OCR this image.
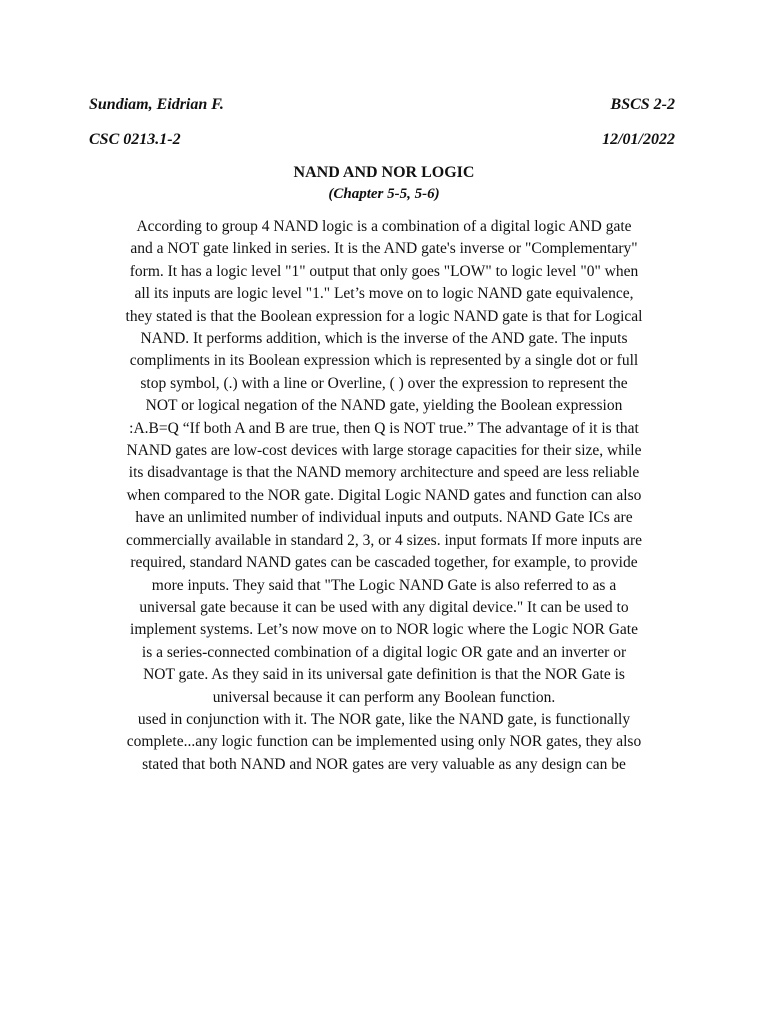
Sundiam, Eidrian F.	BSCS 2-2
CSC 0213.1-2	12/01/2022
NAND AND NOR LOGIC
(Chapter 5-5, 5-6)
According to group 4 NAND logic is a combination of a digital logic AND gate
and a NOT gate linked in series. It is the AND gate's inverse or "Complementary"
form. It has a logic level "1" output that only goes "LOW" to logic level "0" when
all its inputs are logic level "1." Let’s move on to logic NAND gate equivalence,
they stated is that the Boolean expression for a logic NAND gate is that for Logical
NAND. It performs addition, which is the inverse of the AND gate. The inputs
compliments in its Boolean expression which is represented by a single dot or full
stop symbol, (.) with a line or Overline, ( ) over the expression to represent the
NOT or logical negation of the NAND gate, yielding the Boolean expression
:A.B=Q “If both A and B are true, then Q is NOT true.” The advantage of it is that
NAND gates are low-cost devices with large storage capacities for their size, while
its disadvantage is that the NAND memory architecture and speed are less reliable
when compared to the NOR gate. Digital Logic NAND gates and function can also
have an unlimited number of individual inputs and outputs. NAND Gate ICs are
commercially available in standard 2, 3, or 4 sizes. input formats If more inputs are
required, standard NAND gates can be cascaded together, for example, to provide
more inputs. They said that "The Logic NAND Gate is also referred to as a
universal gate because it can be used with any digital device." It can be used to
implement systems. Let’s now move on to NOR logic where the Logic NOR Gate
is a series-connected combination of a digital logic OR gate and an inverter or
NOT gate. As they said in its universal gate definition is that the NOR Gate is
universal because it can perform any Boolean function.
used in conjunction with it. The NOR gate, like the NAND gate, is functionally
complete...any logic function can be implemented using only NOR gates, they also
stated that both NAND and NOR gates are very valuable as any design can be
